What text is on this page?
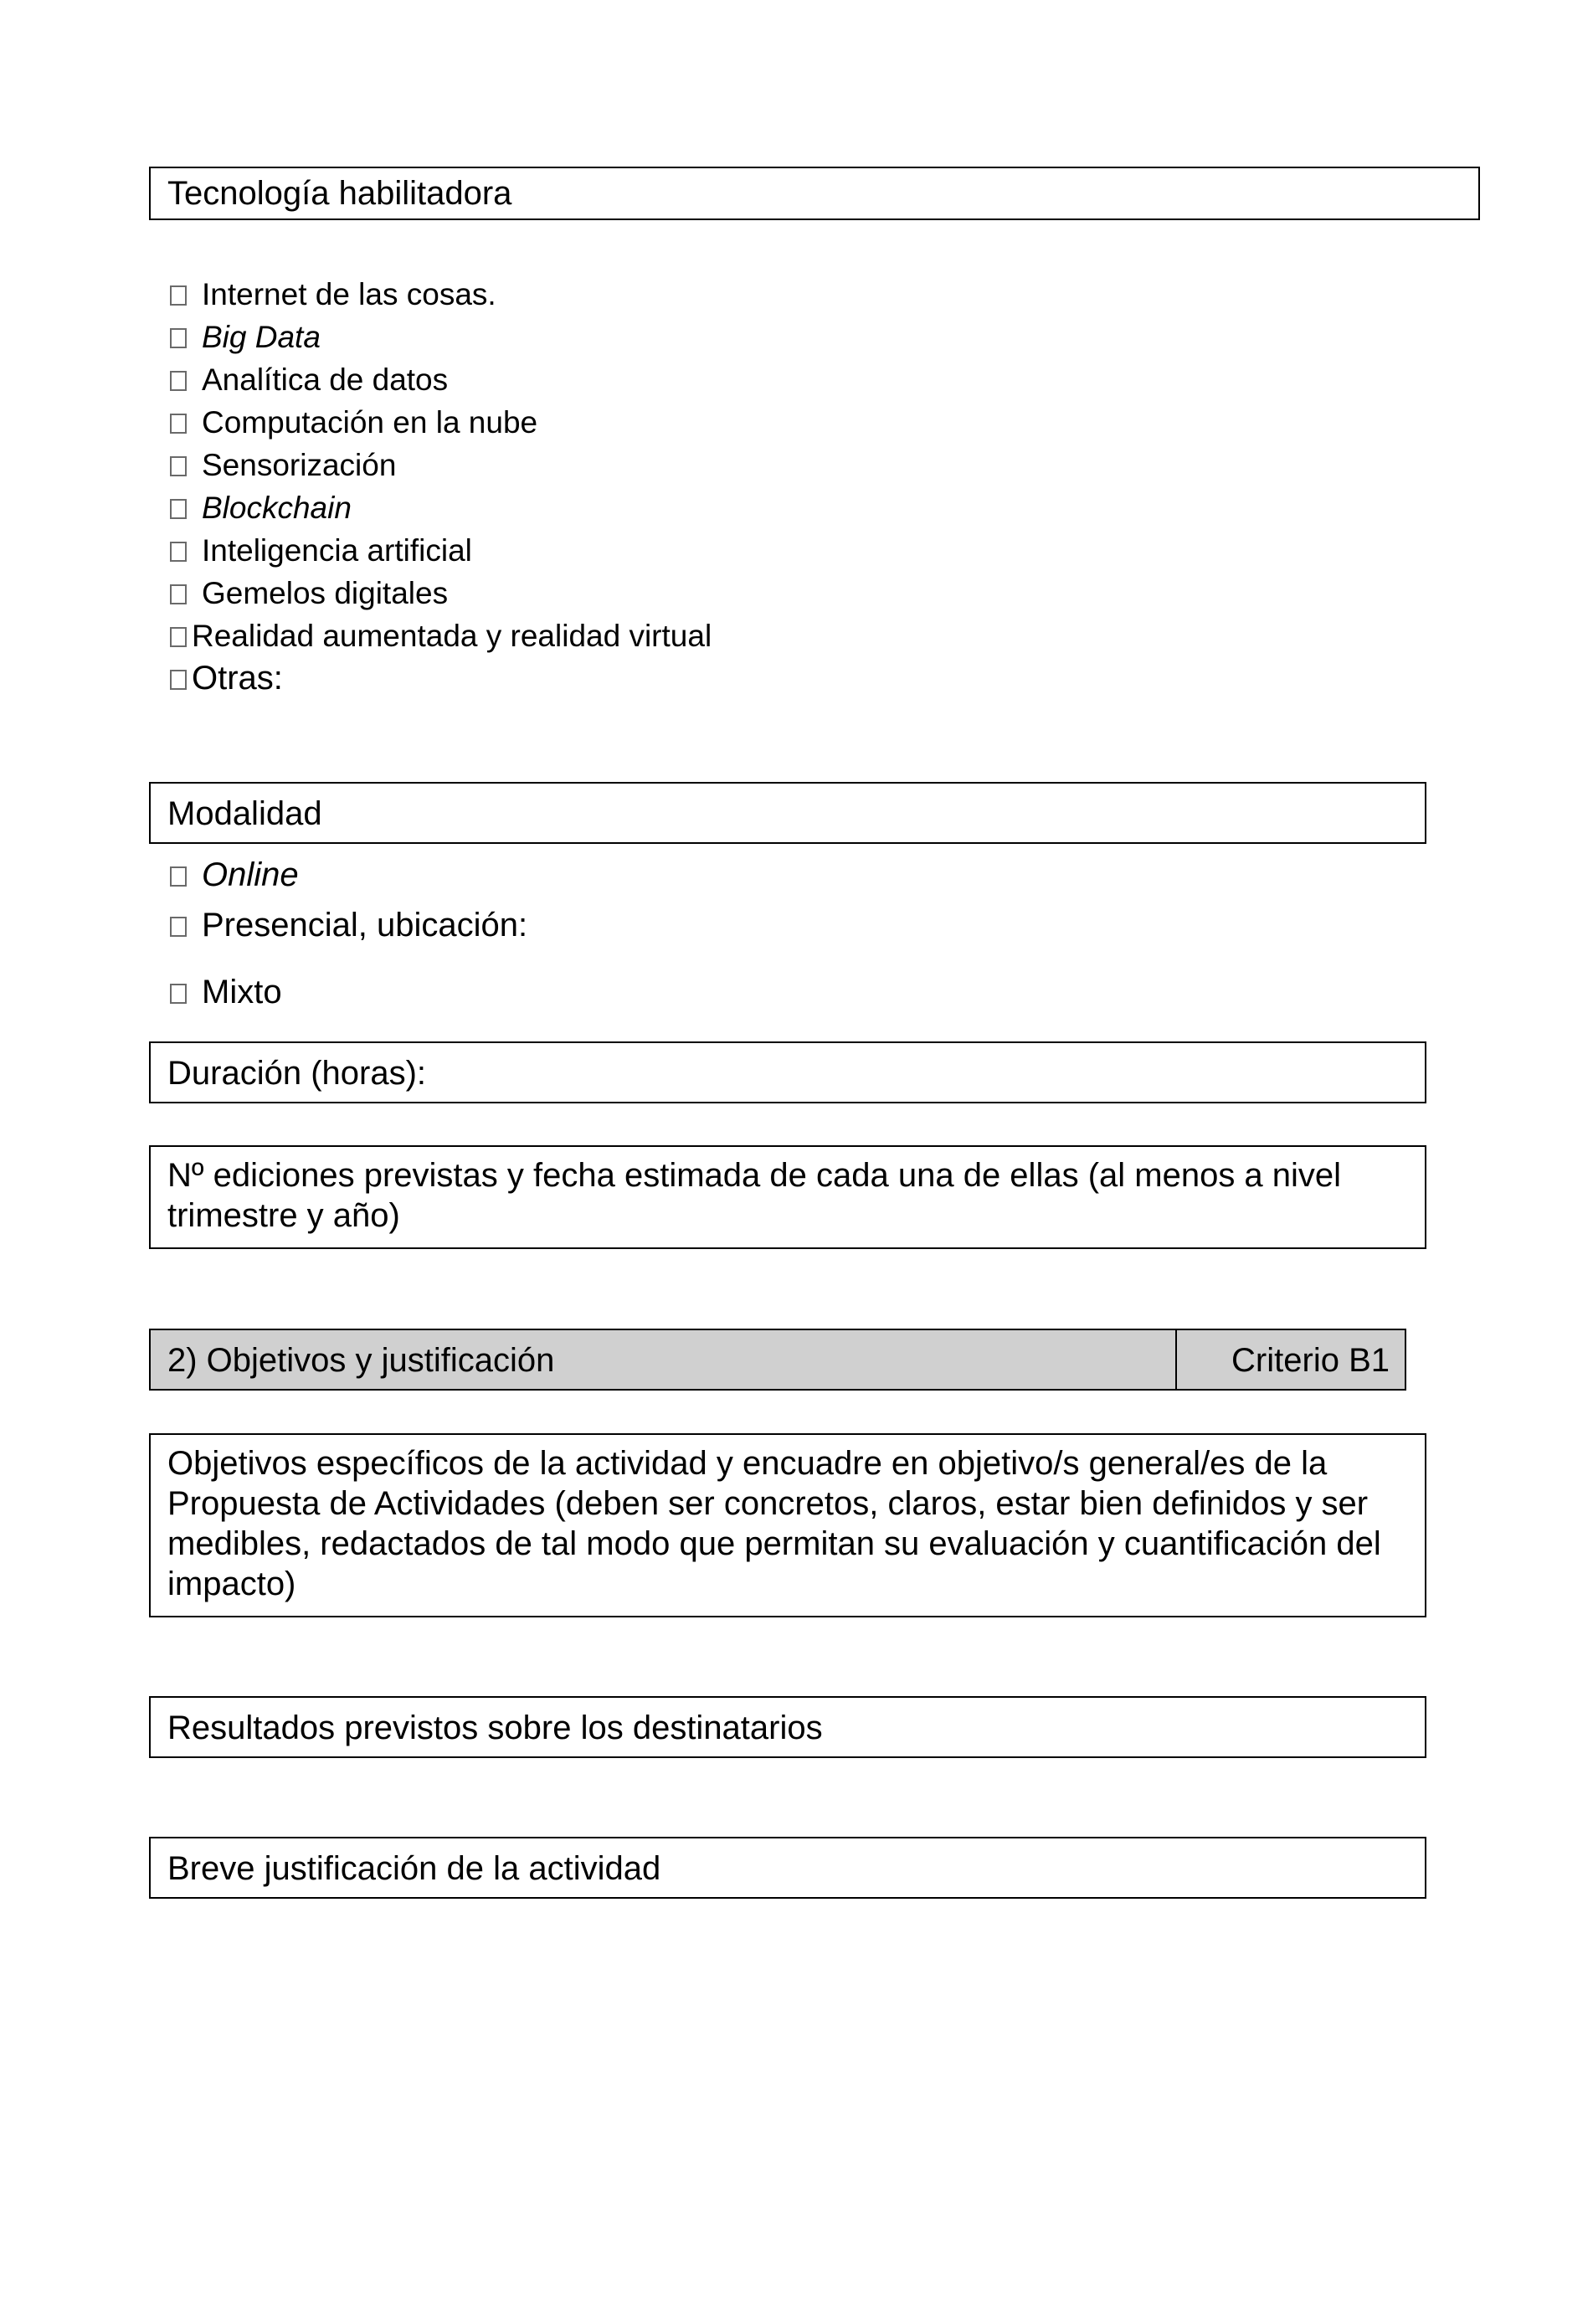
Tecnología habilitadora
Internet de las cosas.
Big Data
Analítica de datos
Computación en la nube
Sensorización
Blockchain
Inteligencia artificial
Gemelos digitales
Realidad aumentada y realidad virtual
Otras:
Modalidad
Online
Presencial, ubicación:
Mixto
Duración (horas):
Nº ediciones previstas y fecha estimada de cada una de ellas (al menos a nivel trimestre y año)
2) Objetivos y justificación	Criterio B1
Objetivos específicos de la actividad y encuadre en objetivo/s general/es de la Propuesta de Actividades (deben ser concretos, claros, estar bien definidos y ser medibles, redactados de tal modo que permitan su evaluación y cuantificación del impacto)
Resultados previstos sobre los destinatarios
Breve justificación de la actividad
